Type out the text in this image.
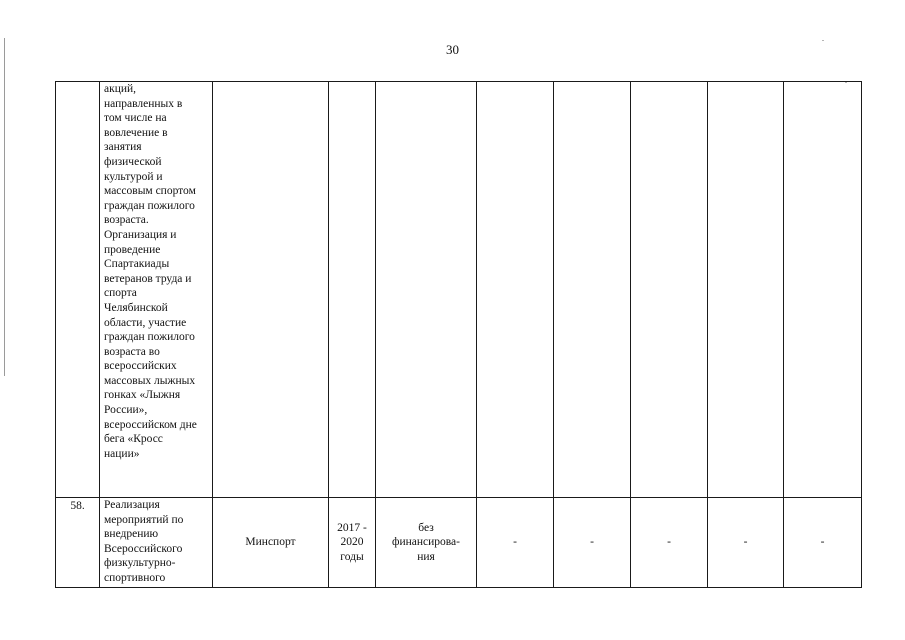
30

	акций, направленных в том числе на вовлечение в занятия физической культурой и массовым спортом граждан пожилого возраста. Организация и проведение Спартакиады ветеранов труда и спорта Челябинской области, участие граждан пожилого возраста во всероссийских массовых лыжных гонках «Лыжня России», всероссийском дне бега «Кросс нации»								

58.	Реализация мероприятий по внедрению Всероссийского физкультурно-спортивного	Минспорт	2017 - 2020 годы	без финансирова-ния	-	-	-	-	-
